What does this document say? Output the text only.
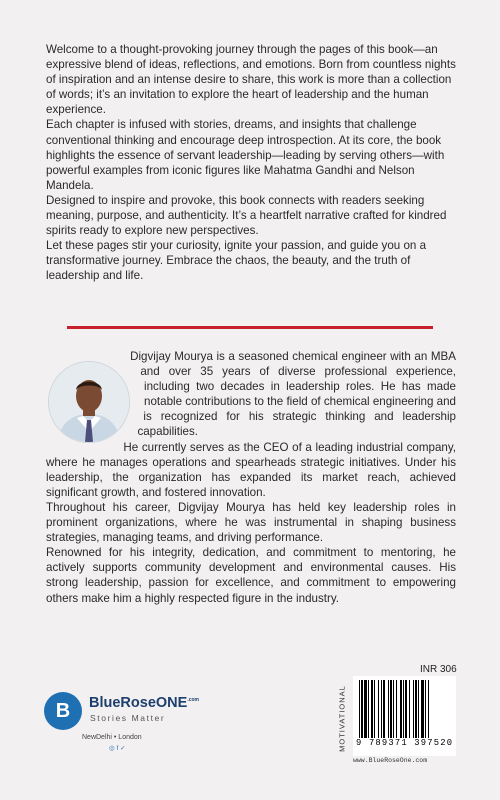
Welcome to a thought-provoking journey through the pages of this book—an expressive blend of ideas, reflections, and emotions. Born from countless nights of inspiration and an intense desire to share, this work is more than a collection of words; it’s an invitation to explore the heart of leadership and the human experience.

Each chapter is infused with stories, dreams, and insights that challenge conventional thinking and encourage deep introspection. At its core, the book highlights the essence of servant leadership—leading by serving others—with powerful examples from iconic figures like Mahatma Gandhi and Nelson Mandela.

Designed to inspire and provoke, this book connects with readers seeking meaning, purpose, and authenticity. It’s a heartfelt narrative crafted for kindred spirits ready to explore new perspectives.

Let these pages stir your curiosity, ignite your passion, and guide you on a transformative journey. Embrace the chaos, the beauty, and the truth of leadership and life.

Digvijay Mourya is a seasoned chemical engineer with an MBA and over 35 years of diverse professional experience, including two decades in leadership roles. He has made notable contributions to the field of chemical engineering and is recognized for his strategic thinking and leadership capabilities.

He currently serves as the CEO of a leading industrial company, where he manages operations and spearheads strategic initiatives. Under his leadership, the organization has expanded its market reach, achieved significant growth, and fostered innovation.

Throughout his career, Digvijay Mourya has held key leadership roles in prominent organizations, where he was instrumental in shaping business strategies, managing teams, and driving performance.

Renowned for his integrity, dedication, and commitment to mentoring, he actively supports community development and environmental causes. His strong leadership, passion for excellence, and commitment to empowering others make him a highly respected figure in the industry.

B BlueRoseONE$^{.com}$
Stories Matter
NewDelhi • London
◎ f ✓
INR 306
MOTIVATIONAL 9 789371 397520
www.BlueRoseOne.com
